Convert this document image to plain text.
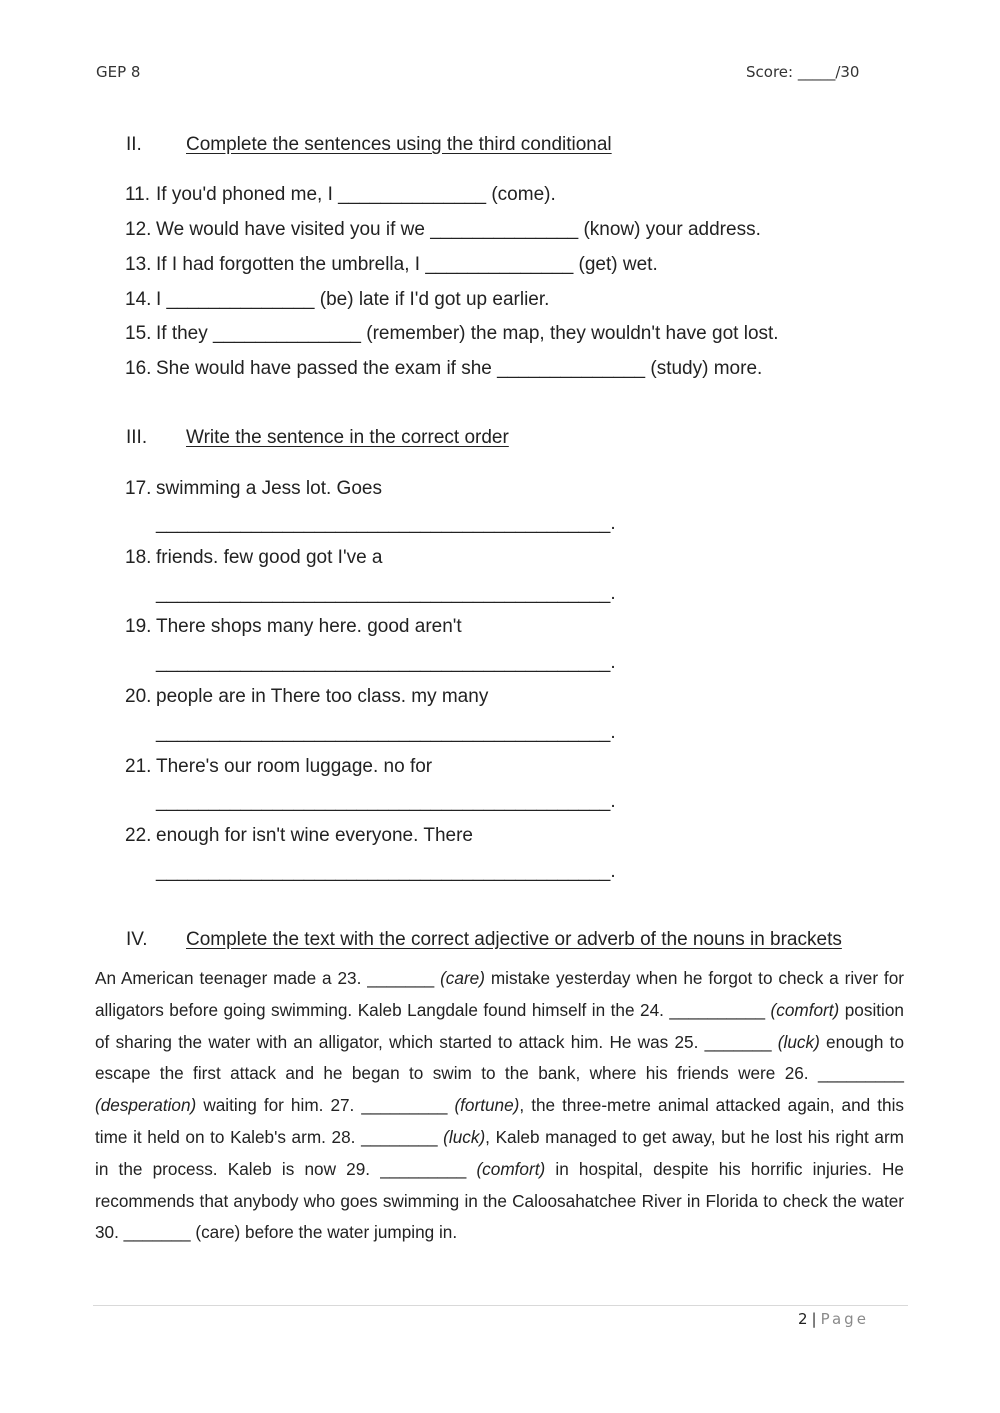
GEP 8	Score: _____/30
II. Complete the sentences using the third conditional
11. If you'd phoned me, I ______________ (come).
12. We would have visited you if we ______________ (know) your address.
13. If I had forgotten the umbrella, I ______________ (get) wet.
14. I ______________ (be) late if I'd got up earlier.
15. If they ______________ (remember) the map, they wouldn't have got lost.
16. She would have passed the exam if she ______________ (study) more.
III. Write the sentence in the correct order
17. swimming a Jess lot. Goes
___________________________________________.
18. friends. few good got I've a
___________________________________________.
19. There shops many here. good aren't
___________________________________________.
20. people are in There too class. my many
___________________________________________.
21. There's our room luggage. no for
___________________________________________.
22. enough for isn't wine everyone. There
___________________________________________.
IV. Complete the text with the correct adjective or adverb of the nouns in brackets
An American teenager made a 23. _______ (care) mistake yesterday when he forgot to check a river for alligators before going swimming. Kaleb Langdale found himself in the 24. __________ (comfort) position of sharing the water with an alligator, which started to attack him. He was 25. _______ (luck) enough to escape the first attack and he began to swim to the bank, where his friends were 26. _________ (desperation) waiting for him. 27. _________ (fortune), the three-metre animal attacked again, and this time it held on to Kaleb's arm. 28. ________ (luck), Kaleb managed to get away, but he lost his right arm in the process. Kaleb is now 29. _________ (comfort) in hospital, despite his horrific injuries. He recommends that anybody who goes swimming in the Caloosahatchee River in Florida to check the water 30. _______ (care) before the water jumping in.
2 | Page
